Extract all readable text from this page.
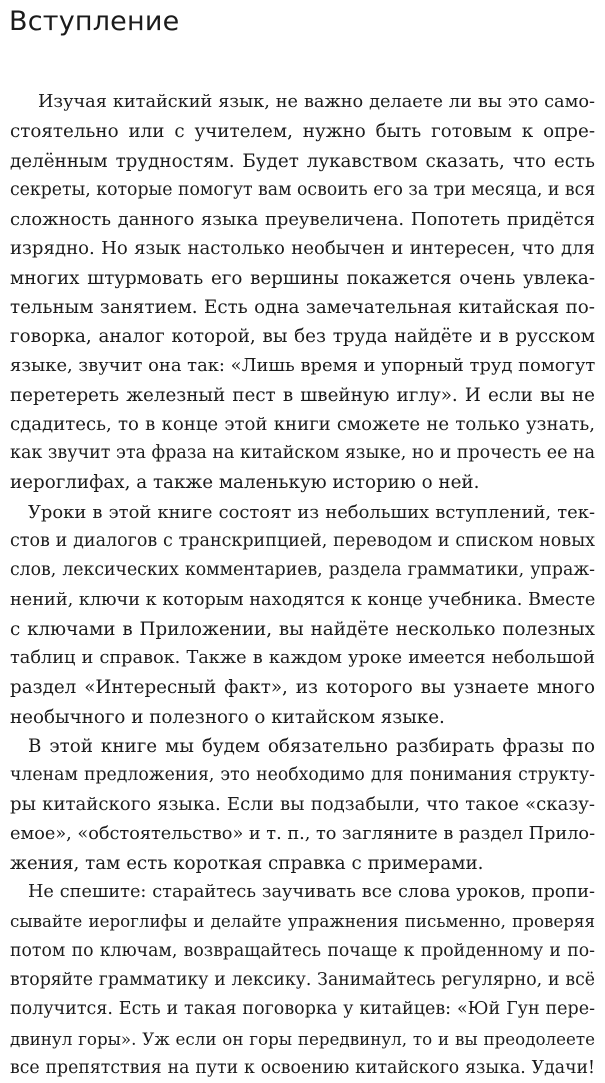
Вступление
Изучая китайский язык, не важно делаете ли вы это само-
стоятельно или с учителем, нужно быть готовым к опре-
делённым трудностям. Будет лукавством сказать, что есть
секреты, которые помогут вам освоить его за три месяца, и вся
сложность данного языка преувеличена. Попотеть придётся
изрядно. Но язык настолько необычен и интересен, что для
многих штурмовать его вершины покажется очень увлека-
тельным занятием. Есть одна замечательная китайская по-
говорка, аналог которой, вы без труда найдёте и в русском
языке, звучит она так: «Лишь время и упорный труд помогут
перетереть железный пест в швейную иглу». И если вы не
сдадитесь, то в конце этой книги сможете не только узнать,
как звучит эта фраза на китайском языке, но и прочесть ее на
иероглифах, а также маленькую историю о ней.
Уроки в этой книге состоят из небольших вступлений, тек-
стов и диалогов с транскрипцией, переводом и списком новых
слов, лексических комментариев, раздела грамматики, упраж-
нений, ключи к которым находятся к конце учебника. Вместе
с ключами в Приложении, вы найдёте несколько полезных
таблиц и справок. Также в каждом уроке имеется небольшой
раздел «Интересный факт», из которого вы узнаете много
необычного и полезного о китайском языке.
В этой книге мы будем обязательно разбирать фразы по
членам предложения, это необходимо для понимания структу-
ры китайского языка. Если вы подзабыли, что такое «сказу-
емое», «обстоятельство» и т. п., то загляните в раздел Прило-
жения, там есть короткая справка с примерами.
Не спешите: старайтесь заучивать все слова уроков, пропи-
сывайте иероглифы и делайте упражнения письменно, проверяя
потом по ключам, возвращайтесь почаще к пройденному и по-
вторяйте грамматику и лексику. Занимайтесь регулярно, и всё
получится. Есть и такая поговорка у китайцев: «Юй Гун пере-
двинул горы». Уж если он горы передвинул, то и вы преодолеете
все препятствия на пути к освоению китайского языка. Удачи!
